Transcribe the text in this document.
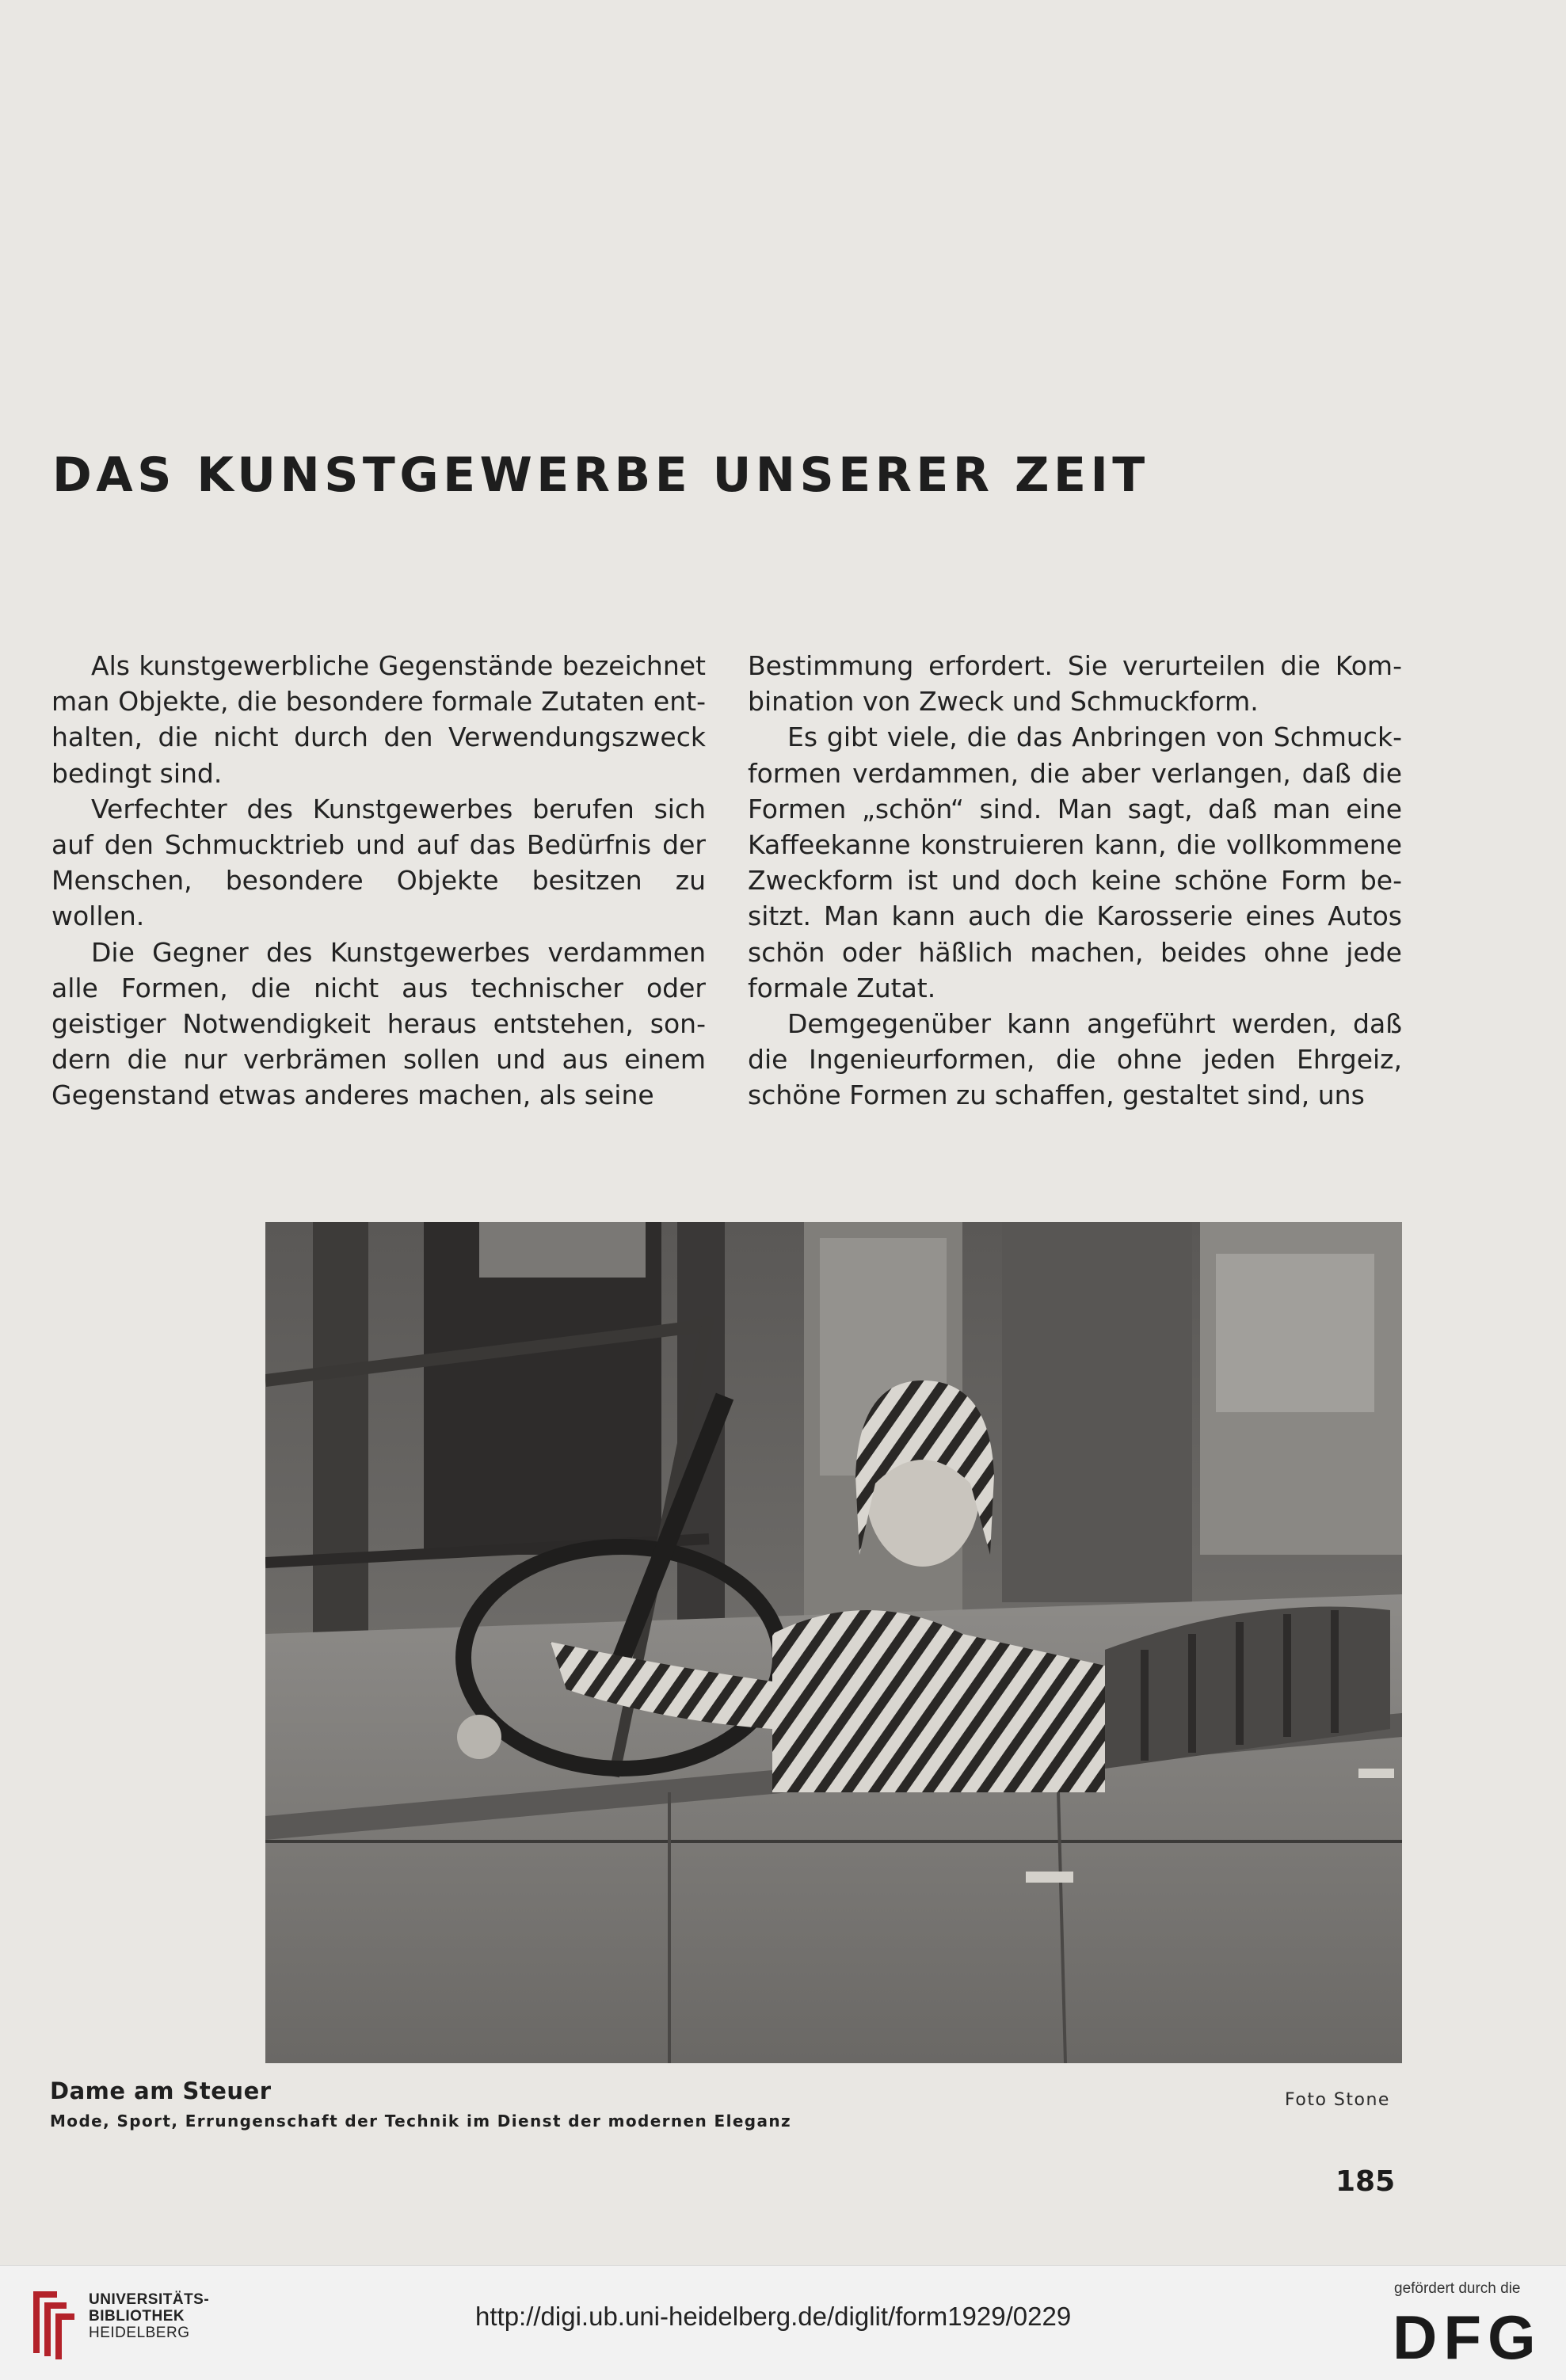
DAS KUNSTGEWERBE UNSERER ZEIT

Als kunstgewerbliche Gegenstände bezeichnet man Objekte, die besondere formale Zutaten enthalten, die nicht durch den Verwendungszweck bedingt sind.

Verfechter des Kunstgewerbes berufen sich auf den Schmucktrieb und auf das Bedürfnis der Menschen, besondere Objekte besitzen zu wollen.

Die Gegner des Kunstgewerbes verdammen alle Formen, die nicht aus technischer oder geistiger Notwendigkeit heraus entstehen, sondern die nur verbrämen sollen und aus einem Gegenstand etwas anderes machen, als seine

Bestimmung erfordert. Sie verurteilen die Kombination von Zweck und Schmuckform.

Es gibt viele, die das Anbringen von Schmuckformen verdammen, die aber verlangen, daß die Formen „schön“ sind. Man sagt, daß man eine Kaffeekanne konstruieren kann, die vollkommene Zweckform ist und doch keine schöne Form besitzt. Man kann auch die Karosserie eines Autos schön oder häßlich machen, beides ohne jede formale Zutat.

Demgegenüber kann angeführt werden, daß die Ingenieurformen, die ohne jeden Ehrgeiz, schöne Formen zu schaffen, gestaltet sind, uns

Dame am Steuer
Mode, Sport, Errungenschaft der Technik im Dienst der modernen Eleganz
Foto Stone
185
UNIVERSITÄTS-
BIBLIOTHEK
HEIDELBERG
http://digi.ub.uni-heidelberg.de/diglit/form1929/0229
gefördert durch die
DFG
